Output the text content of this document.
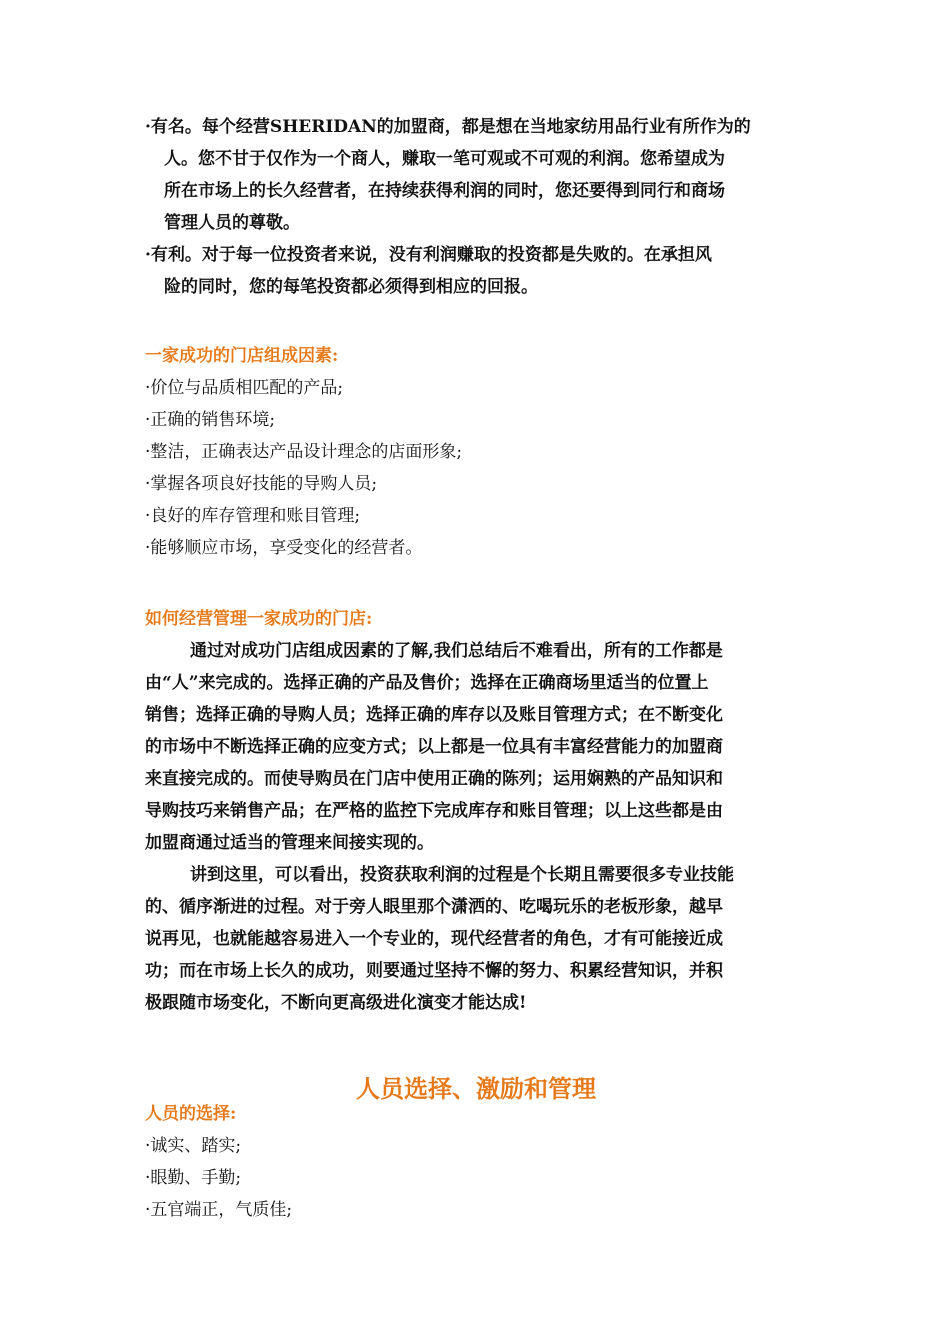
·有名。每个经营SHERIDAN的加盟商，都是想在当地家纺用品行业有所作为的
人。您不甘于仅作为一个商人，赚取一笔可观或不可观的利润。您希望成为
所在市场上的长久经营者，在持续获得利润的同时，您还要得到同行和商场
管理人员的尊敬。
·有利。对于每一位投资者来说，没有利润赚取的投资都是失败的。在承担风
险的同时，您的每笔投资都必须得到相应的回报。
一家成功的门店组成因素:
·价位与品质相匹配的产品;
·正确的销售环境;
·整洁，正确表达产品设计理念的店面形象;
·掌握各项良好技能的导购人员;
·良好的库存管理和账目管理;
·能够顺应市场，享受变化的经营者。
如何经营管理一家成功的门店:
通过对成功门店组成因素的了解,我们总结后不难看出，所有的工作都是
由“人”来完成的。选择正确的产品及售价；选择在正确商场里适当的位置上
销售；选择正确的导购人员；选择正确的库存以及账目管理方式；在不断变化
的市场中不断选择正确的应变方式；以上都是一位具有丰富经营能力的加盟商
来直接完成的。而使导购员在门店中使用正确的陈列；运用娴熟的产品知识和
导购技巧来销售产品；在严格的监控下完成库存和账目管理；以上这些都是由
加盟商通过适当的管理来间接实现的。
讲到这里，可以看出，投资获取利润的过程是个长期且需要很多专业技能
的、循序渐进的过程。对于旁人眼里那个潇洒的、吃喝玩乐的老板形象，越早
说再见，也就能越容易进入一个专业的，现代经营者的角色，才有可能接近成
功；而在市场上长久的成功，则要通过坚持不懈的努力、积累经营知识，并积
极跟随市场变化，不断向更高级进化演变才能达成!
人员选择、激励和管理
人员的选择:
·诚实、踏实;
·眼勤、手勤;
·五官端正，气质佳;
